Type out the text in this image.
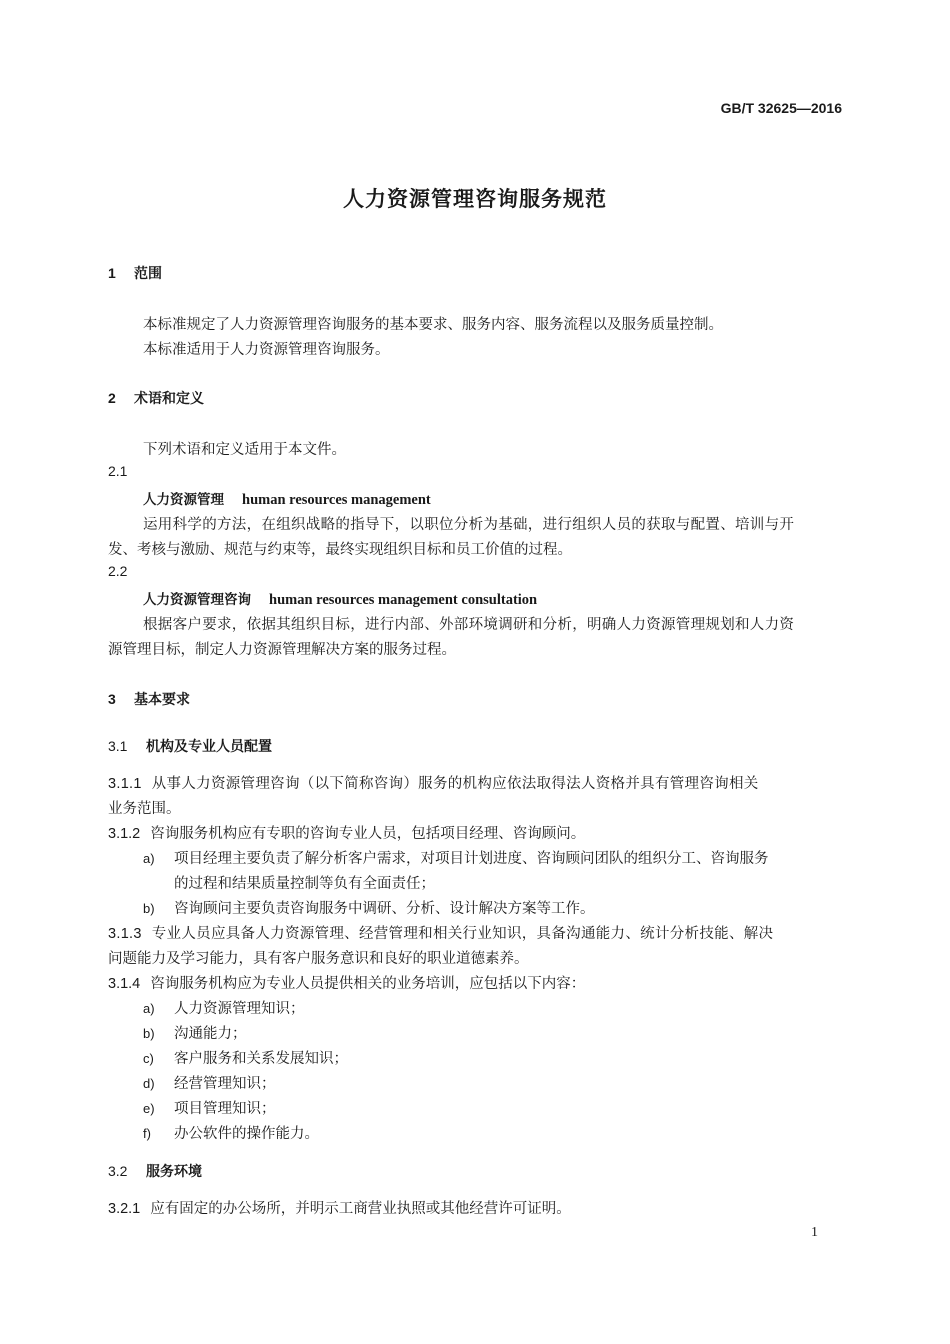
GB/T 32625—2016
人力资源管理咨询服务规范
1 范围
本标准规定了人力资源管理咨询服务的基本要求、服务内容、服务流程以及服务质量控制。
本标准适用于人力资源管理咨询服务。
2 术语和定义
下列术语和定义适用于本文件。
2.1
人力资源管理 human resources management
运用科学的方法，在组织战略的指导下，以职位分析为基础，进行组织人员的获取与配置、培训与开
发、考核与激励、规范与约束等，最终实现组织目标和员工价值的过程。
2.2
人力资源管理咨询 human resources management consultation
根据客户要求，依据其组织目标，进行内部、外部环境调研和分析，明确人力资源管理规划和人力资
源管理目标，制定人力资源管理解决方案的服务过程。
3 基本要求
3.1 机构及专业人员配置
3.1.1 从事人力资源管理咨询（以下简称咨询）服务的机构应依法取得法人资格并具有管理咨询相关
业务范围。
3.1.2 咨询服务机构应有专职的咨询专业人员，包括项目经理、咨询顾问。
a) 项目经理主要负责了解分析客户需求，对项目计划进度、咨询顾问团队的组织分工、咨询服务
的过程和结果质量控制等负有全面责任；
b) 咨询顾问主要负责咨询服务中调研、分析、设计解决方案等工作。
3.1.3 专业人员应具备人力资源管理、经营管理和相关行业知识，具备沟通能力、统计分析技能、解决
问题能力及学习能力，具有客户服务意识和良好的职业道德素养。
3.1.4 咨询服务机构应为专业人员提供相关的业务培训，应包括以下内容：
a) 人力资源管理知识；
b) 沟通能力；
c) 客户服务和关系发展知识；
d) 经营管理知识；
e) 项目管理知识；
f) 办公软件的操作能力。
3.2 服务环境
3.2.1 应有固定的办公场所，并明示工商营业执照或其他经营许可证明。
1
